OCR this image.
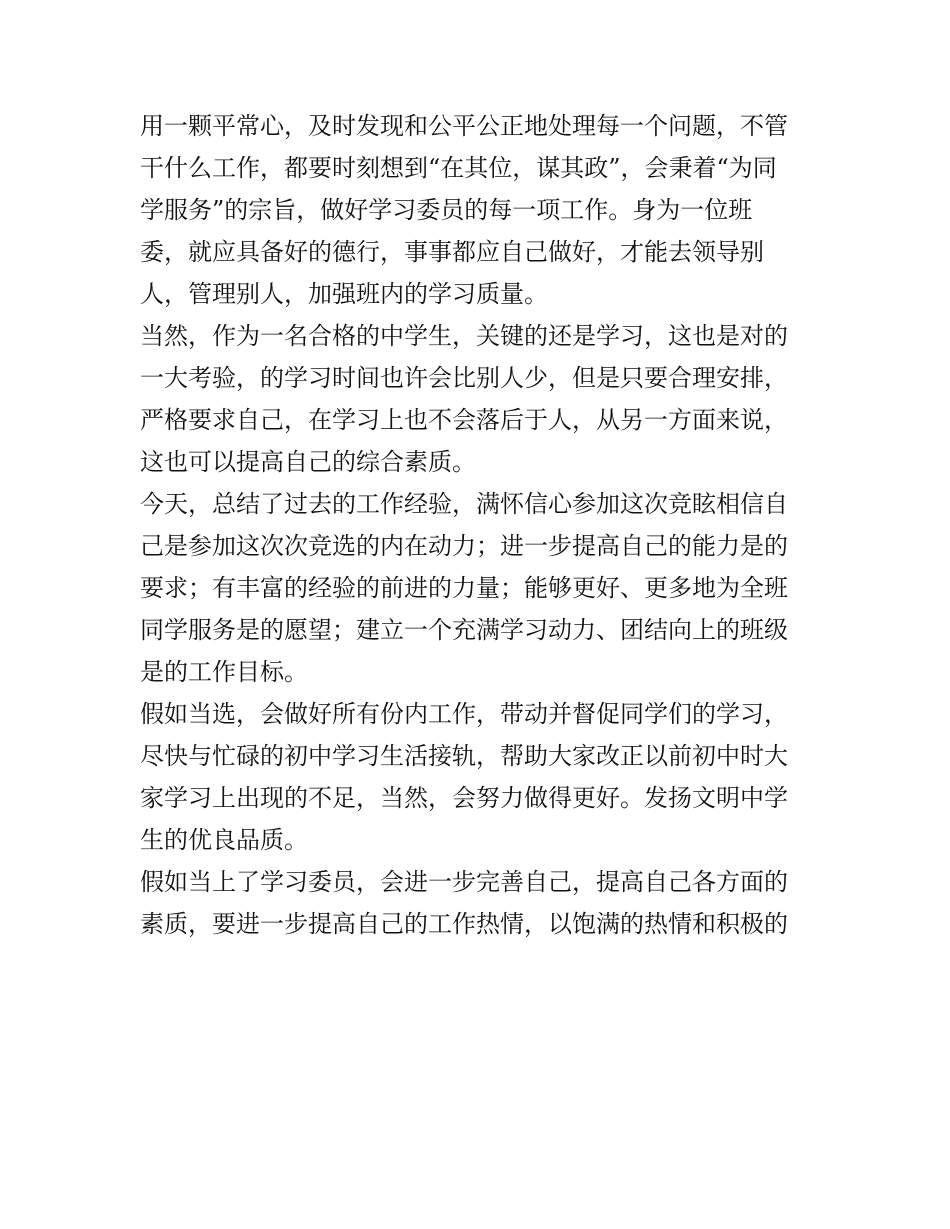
用一颗平常心，及时发现和公平公正地处理每一个问题，不管
干什么工作，都要时刻想到“在其位，谋其政”，会秉着“为同
学服务”的宗旨，做好学习委员的每一项工作。身为一位班
委，就应具备好的德行，事事都应自己做好，才能去领导别
人，管理别人，加强班内的学习质量。
当然，作为一名合格的中学生，关键的还是学习，这也是对的
一大考验，的学习时间也许会比别人少，但是只要合理安排，
严格要求自己，在学习上也不会落后于人，从另一方面来说，
这也可以提高自己的综合素质。
今天，总结了过去的工作经验，满怀信心参加这次竞眩相信自
己是参加这次次竞选的内在动力；进一步提高自己的能力是的
要求；有丰富的经验的前进的力量；能够更好、更多地为全班
同学服务是的愿望；建立一个充满学习动力、团结向上的班级
是的工作目标。
假如当选，会做好所有份内工作，带动并督促同学们的学习，
尽快与忙碌的初中学习生活接轨，帮助大家改正以前初中时大
家学习上出现的不足，当然，会努力做得更好。发扬文明中学
生的优良品质。
假如当上了学习委员，会进一步完善自己，提高自己各方面的
素质，要进一步提高自己的工作热情，以饱满的热情和积极的
